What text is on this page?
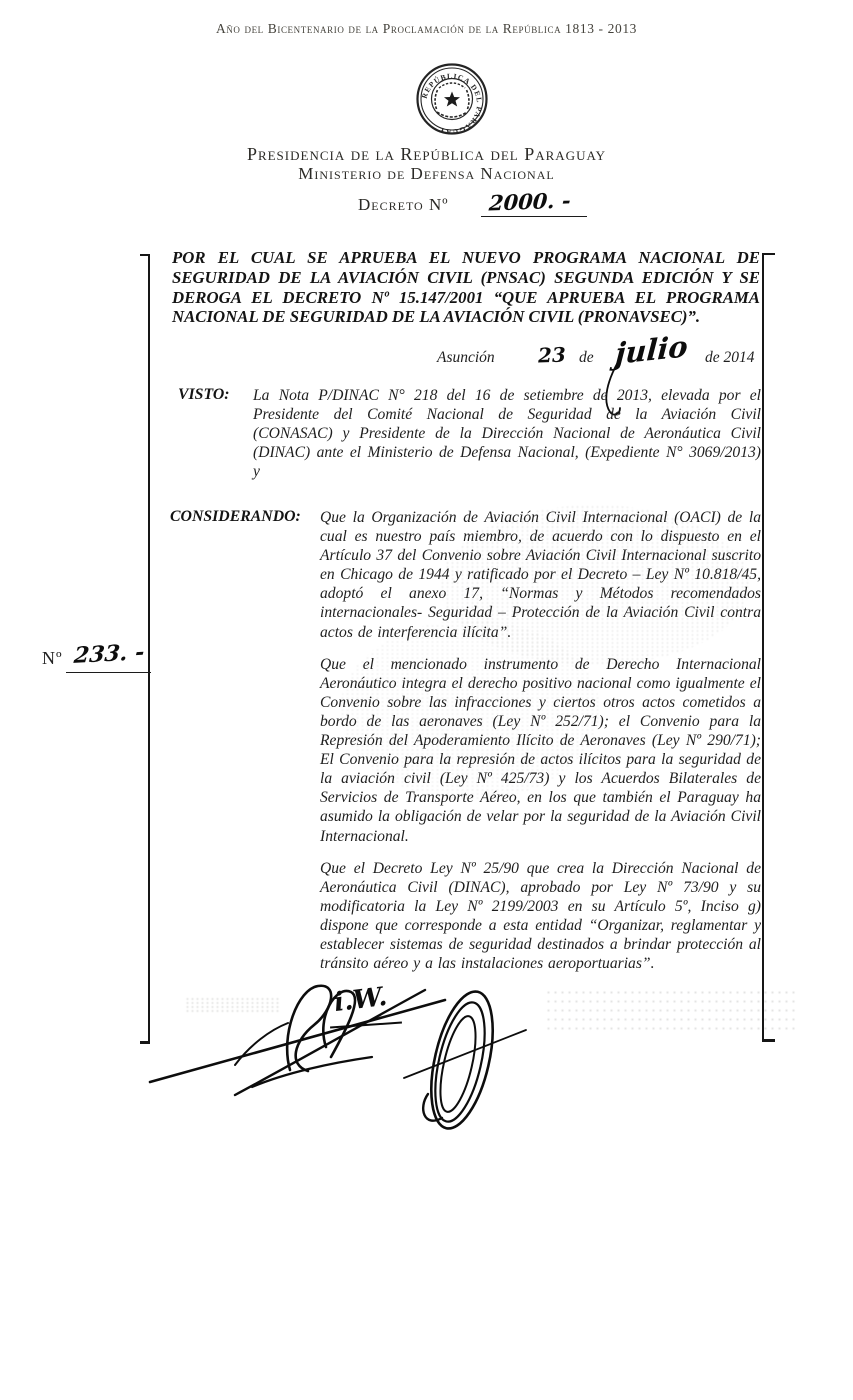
Año del Bicentenario de la Proclamación de la República 1813 - 2013
REPÚBLICA DEL PARAGUAY
Presidencia de la República del Paraguay
Ministerio de Defensa Nacional
Decreto Nº 2000. -
Nº 233. -
POR EL CUAL SE APRUEBA EL NUEVO PROGRAMA NACIONAL DE SEGURIDAD DE LA AVIACIÓN CIVIL (PNSAC) SEGUNDA EDICIÓN Y SE DEROGA EL DECRETO Nº 15.147/2001 “QUE APRUEBA EL PROGRAMA NACIONAL DE SEGURIDAD DE LA AVIACIÓN CIVIL (PRONAVSEC)”.
Asunción 23 de julio de 2014
VISTO: La Nota P/DINAC N° 218 del 16 de setiembre de 2013, elevada por el Presidente del Comité Nacional de Seguridad de la Aviación Civil (CONASAC) y Presidente de la Dirección Nacional de Aeronáutica Civil (DINAC) ante el Ministerio de Defensa Nacional, (Expediente N° 3069/2013) y
CONSIDERANDO: Que la Organización de Aviación Civil Internacional (OACI) de la cual es nuestro país miembro, de acuerdo con lo dispuesto en el Artículo 37 del Convenio sobre Aviación Civil Internacional suscrito en Chicago de 1944 y ratificado por el Decreto – Ley Nº 10.818/45, adoptó el anexo 17, “Normas y Métodos recomendados internacionales- Seguridad – Protección de la Aviación Civil contra actos de interferencia ilícita”.

Que el mencionado instrumento de Derecho Internacional Aeronáutico integra el derecho positivo nacional como igualmente el Convenio sobre las infracciones y ciertos otros actos cometidos a bordo de las aeronaves (Ley Nº 252/71); el Convenio para la Represión del Apoderamiento Ilícito de Aeronaves (Ley Nº 290/71); El Convenio para la represión de actos ilícitos para la seguridad de la aviación civil (Ley Nº 425/73) y los Acuerdos Bilaterales de Servicios de Transporte Aéreo, en los que también el Paraguay ha asumido la obligación de velar por la seguridad de la Aviación Civil Internacional.

Que el Decreto Ley Nº 25/90 que crea la Dirección Nacional de Aeronáutica Civil (DINAC), aprobado por Ley Nº 73/90 y su modificatoria la Ley Nº 2199/2003 en su Artículo 5º, Inciso g) dispone que corresponde a esta entidad “Organizar, reglamentar y establecer sistemas de seguridad destinados a brindar protección al tránsito aéreo y a las instalaciones aeroportuarias”.

i.W.
